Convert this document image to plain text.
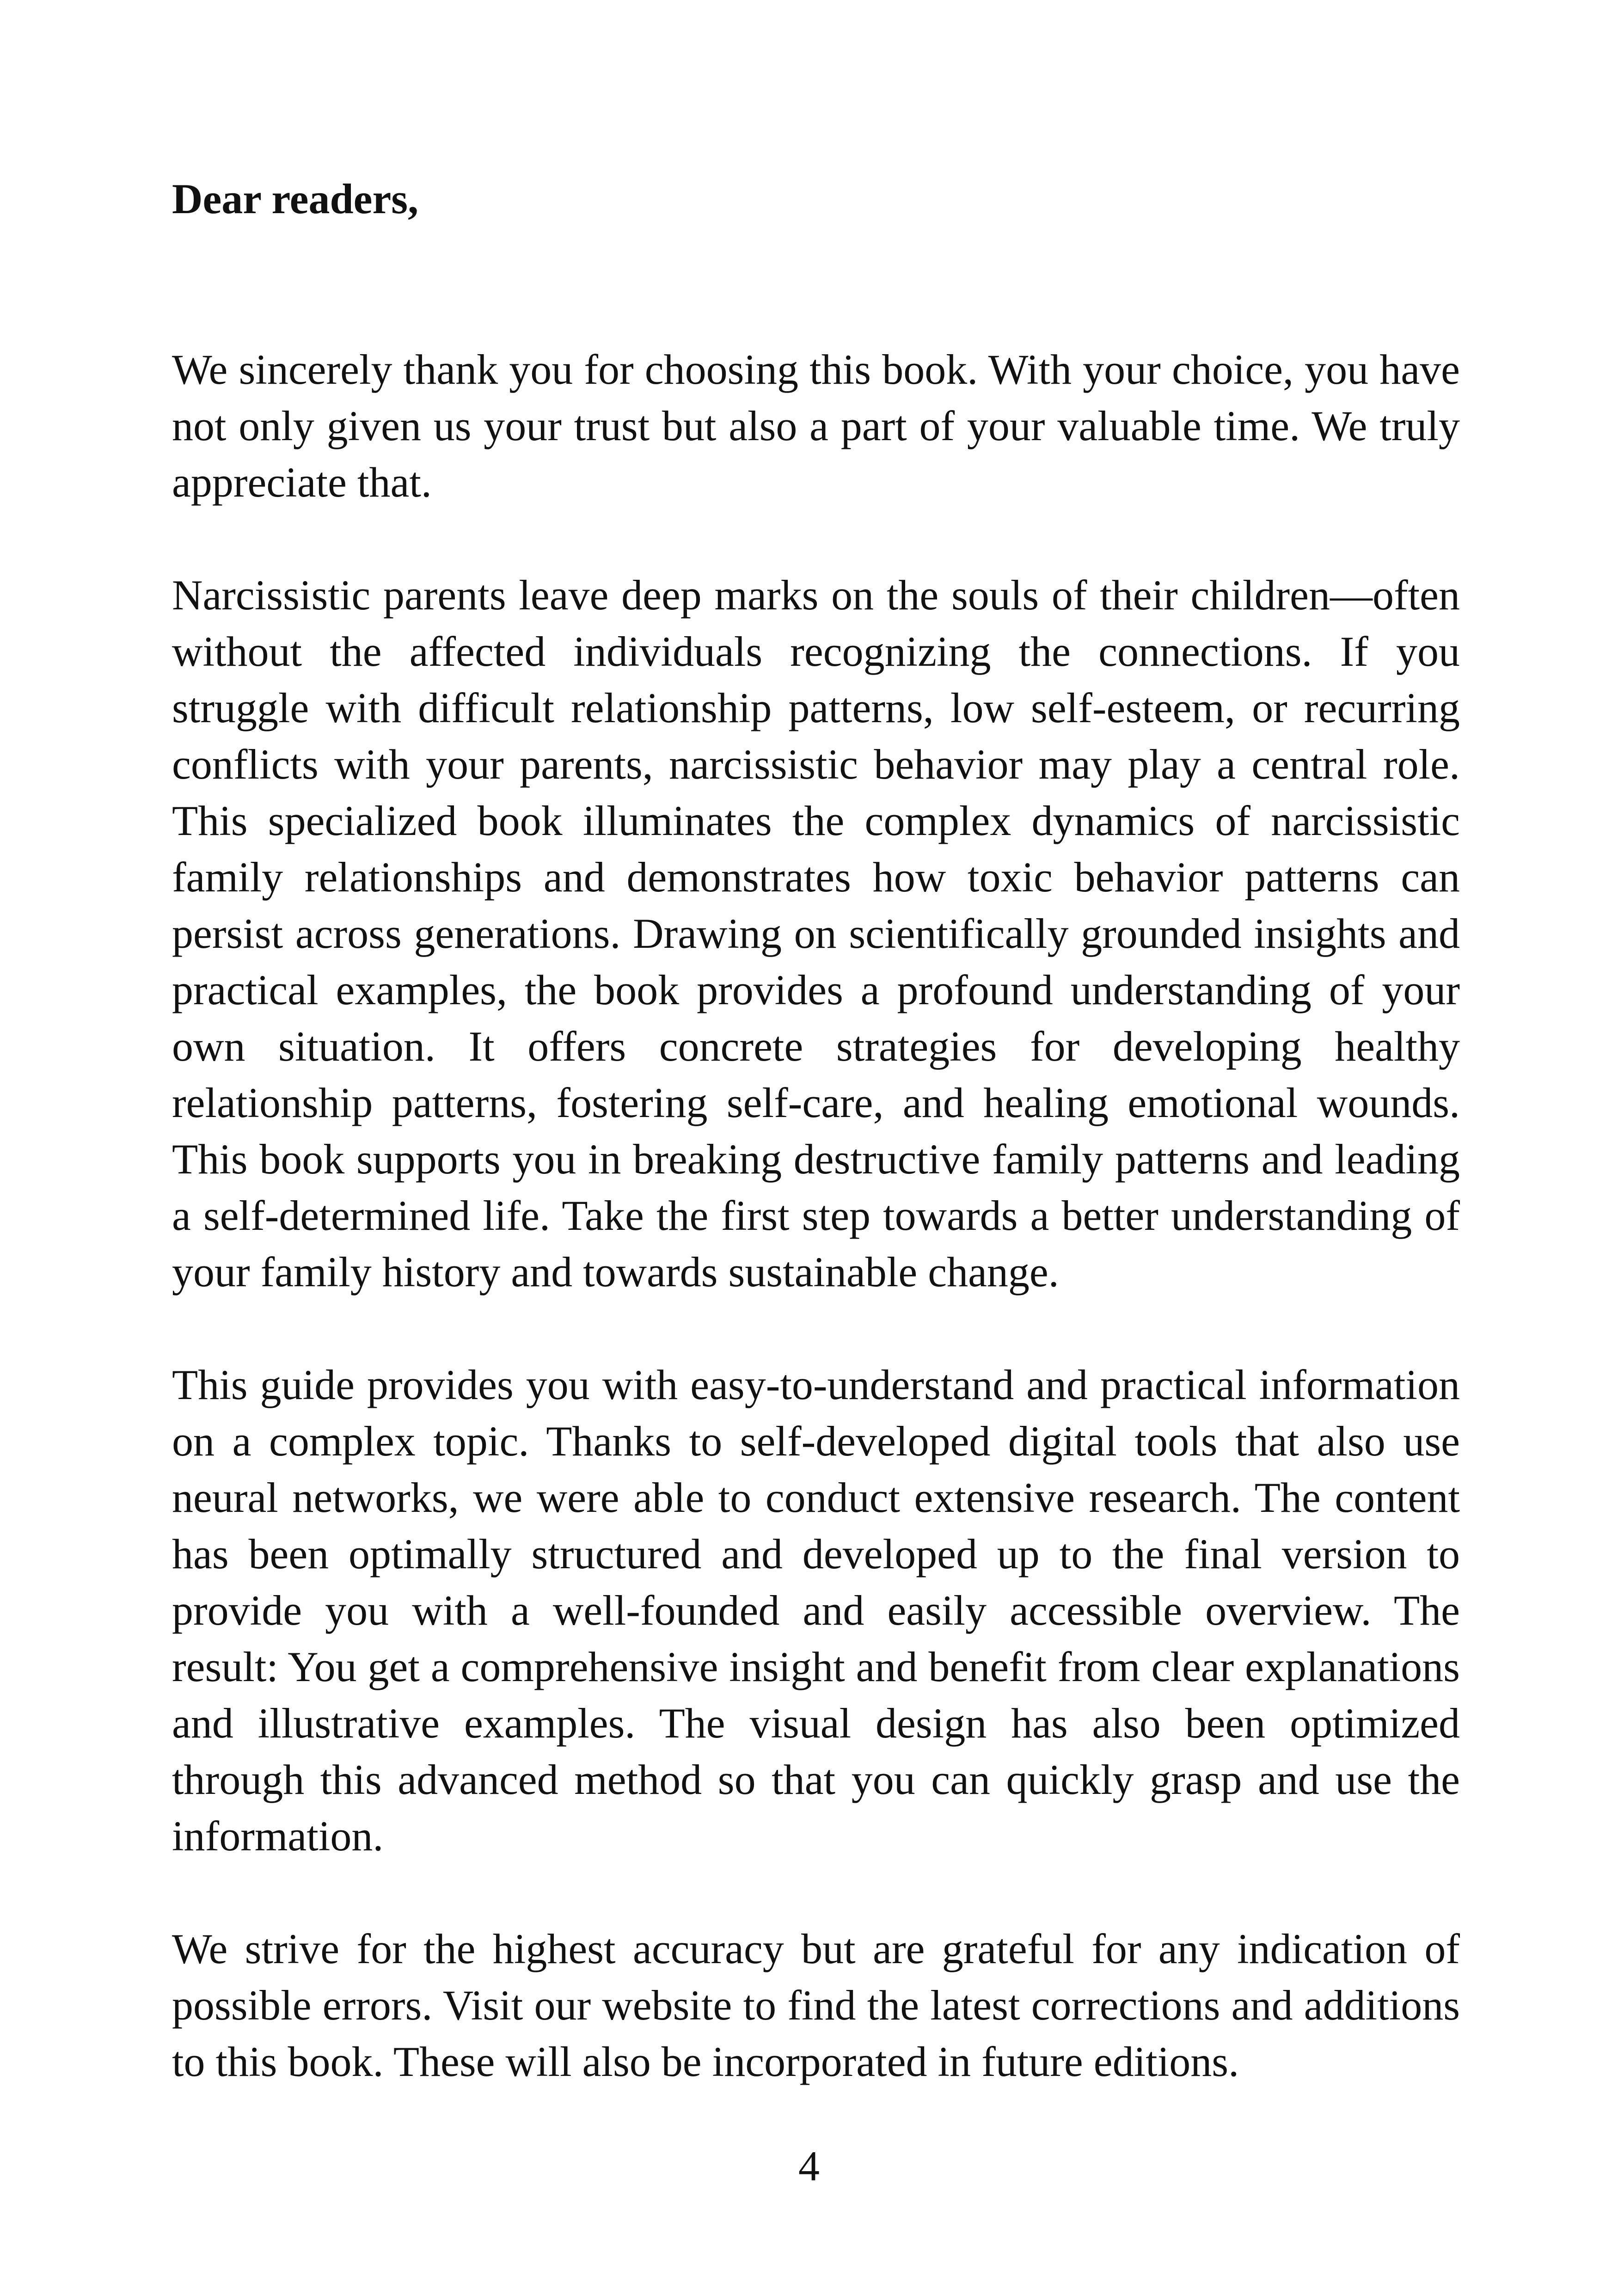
Dear readers,

We sincerely thank you for choosing this book. With your choice, you have not only given us your trust but also a part of your valuable time. We truly appreciate that.

Narcissistic parents leave deep marks on the souls of their children—often without the affected individuals recognizing the connections. If you struggle with difficult relationship patterns, low self-esteem, or recurring conflicts with your parents, narcissistic behavior may play a central role. This specialized book illuminates the complex dynamics of narcissistic family relationships and demonstrates how toxic behavior patterns can persist across generations. Drawing on scientifically grounded insights and practical examples, the book provides a profound understanding of your own situation. It offers concrete strategies for developing healthy relationship patterns, fostering self-care, and healing emotional wounds. This book supports you in breaking destructive family patterns and leading a self-determined life. Take the first step towards a better understanding of your family history and towards sustainable change.

This guide provides you with easy-to-understand and practical information on a complex topic. Thanks to self-developed digital tools that also use neural networks, we were able to conduct extensive research. The content has been optimally structured and developed up to the final version to provide you with a well-founded and easily accessible overview. The result: You get a comprehensive insight and benefit from clear explanations and illustrative examples. The visual design has also been optimized through this advanced method so that you can quickly grasp and use the information.

We strive for the highest accuracy but are grateful for any indication of possible errors. Visit our website to find the latest corrections and additions to this book. These will also be incorporated in future editions.

4
